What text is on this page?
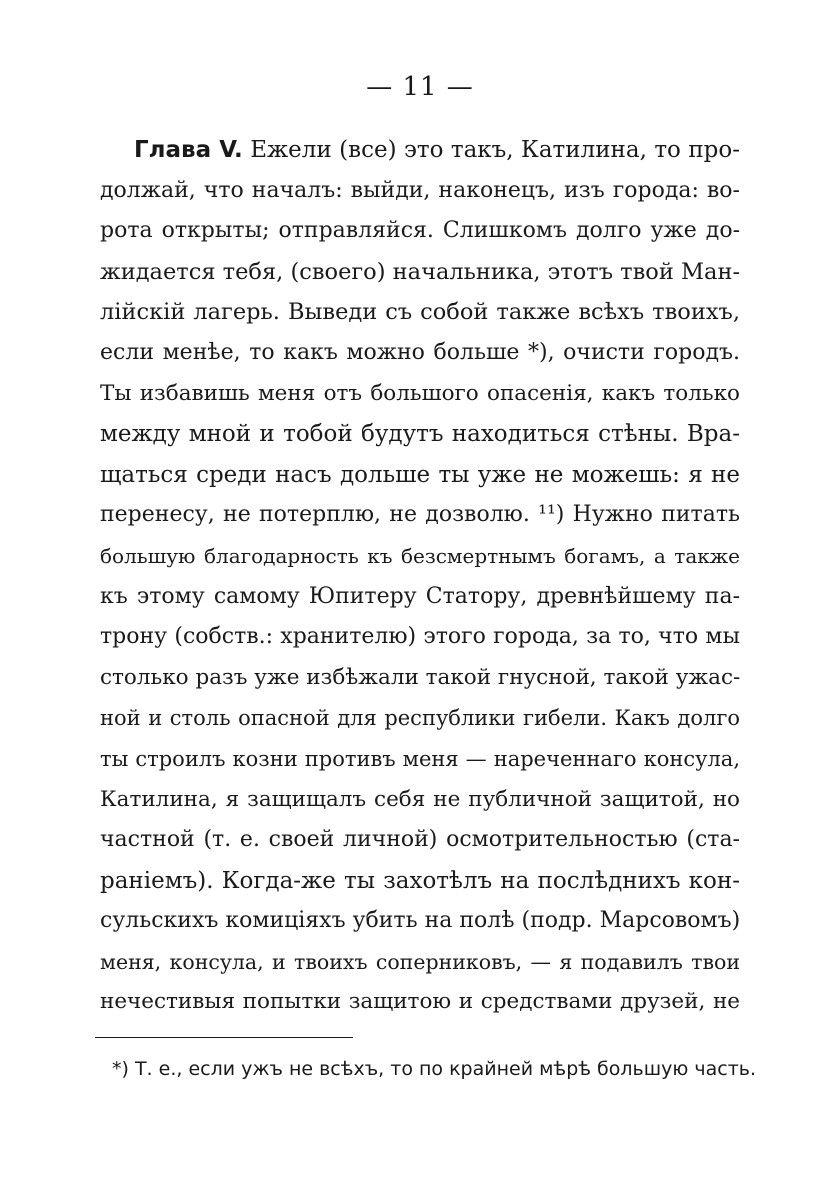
— 11 —
Глава V. Ежели (все) это такъ, Катилина, то про-
должай, что началъ: выйди, наконецъ, изъ города: во-
рота открыты; отправляйся. Слишкомъ долго уже до-
жидается тебя, (своего) начальника, этотъ твой Ман-
лійскій лагерь. Выведи съ собой также всѣхъ твоихъ,
если менѣе, то какъ можно больше *), очисти городъ.
Ты избавишь меня отъ большого опасенія, какъ только
между мной и тобой будутъ находиться стѣны. Вра-
щаться среди насъ дольше ты уже не можешь: я не
перенесу, не потерплю, не дозволю. ¹¹) Нужно питать
большую благодарность къ безсмертнымъ богамъ, а также
къ этому самому Юпитеру Статору, древнѣйшему па-
трону (собств.: хранителю) этого города, за то, что мы
столько разъ уже избѣжали такой гнусной, такой ужас-
ной и столь опасной для республики гибели. Какъ долго
ты строилъ козни противъ меня — нареченнаго консула,
Катилина, я защищалъ себя не публичной защитой, но
частной (т. е. своей личной) осмотрительностью (ста-
раніемъ). Когда-же ты захотѣлъ на послѣднихъ кон-
сульскихъ комиціяхъ убить на полѣ (подр. Марсовомъ)
меня, консула, и твоихъ соперниковъ, — я подавилъ твои
нечестивыя попытки защитою и средствами друзей, не
*) Т. е., если ужъ не всѣхъ, то по крайней мѣрѣ большую часть.
